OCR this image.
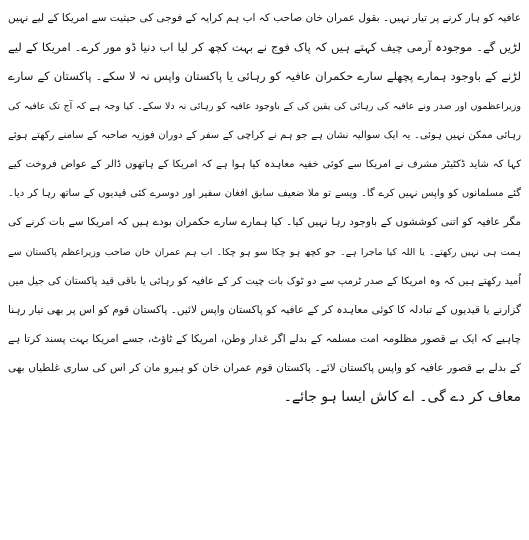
عافیہ کو ہار کرنے پر تیار نہیں۔ بقول عمران خان صاحب کہ اب ہم کرایہ کے فوجی کی حیثیت سے امریکا کے لیے نہیں
لڑیں گے۔ موجودہ آرمی چیف کہتے ہیں کہ پاک فوج نے بہت کچھ کر لیا اب دنیا ڈو مور کرے۔ امریکا کے لیے
لڑنے کے باوجود ہمارے پچھلے سارے حکمران عافیہ کو رہائی یا پاکستان واپس نہ لا سکے۔ پاکستان کے سارے
وزیراعظموں اور صدر ونے عافیہ کی رہائی کی یقین کی کے باوجود عافیہ کو رہائی نہ دلا سکے۔ کیا وجہ ہے کہ آج تک عافیہ کی
رہائی ممکن نہیں ہوئی۔ یہ ایک سوالیہ نشان ہے جو ہم نے کراچی کے سفر کے دوران فوزیہ صاحبہ کے سامنے رکھتے ہوئے
کہا کہ شاید ڈکٹیٹر مشرف نے امریکا سے کوئی خفیہ معاہدہ کیا ہوا ہے کہ امریکا کے ہاتھوں ڈالر کے عواض فروخت کیے
گئے مسلمانوں کو واپس نہیں کرے گا۔ ویسے تو ملا ضعیف سابق افغان سفیر اور دوسرے کئی قیدیوں کے ساتھ رہا کر دیا۔
مگر عافیہ کو اتنی کوششوں کے باوجود رہا نہیں کیا۔ کیا ہمارے سارے حکمران بودے ہیں کہ امریکا سے بات کرنے کی
ہمت ہی نہیں رکھتے۔ یا اللہ کیا ماجرا ہے۔ جو کچھ ہو چکا سو ہو چکا۔ اب ہم عمران خان صاحب وزیراعظم پاکستان سے
اُمید رکھتے ہیں کہ وہ امریکا کے صدر ٹرمپ سے دو ٹوک بات چیت کر کے عافیہ کو رہائی یا باقی قید پاکستان کی جیل میں
گزارنے یا قیدیوں کے تبادلہ کا کوئی معاہدہ کر کے عافیہ کو پاکستان واپس لائیں۔ پاکستان قوم کو اس پر بھی تیار رہنا
چاہیے کہ ایک بے قصور مظلومہ امت مسلمہ کے بدلے اگر غدار وطن، امریکا کے ٹاؤٹ، جسے امریکا بہت پسند کرتا ہے
کے بدلے بے قصور عافیہ کو واپس پاکستان لائے۔ پاکستان قوم عمران خان کو ہیرو مان کر اس کی ساری غلطیاں بھی
معاف کر دے گی۔ اے کاش ایسا ہو جائے۔
